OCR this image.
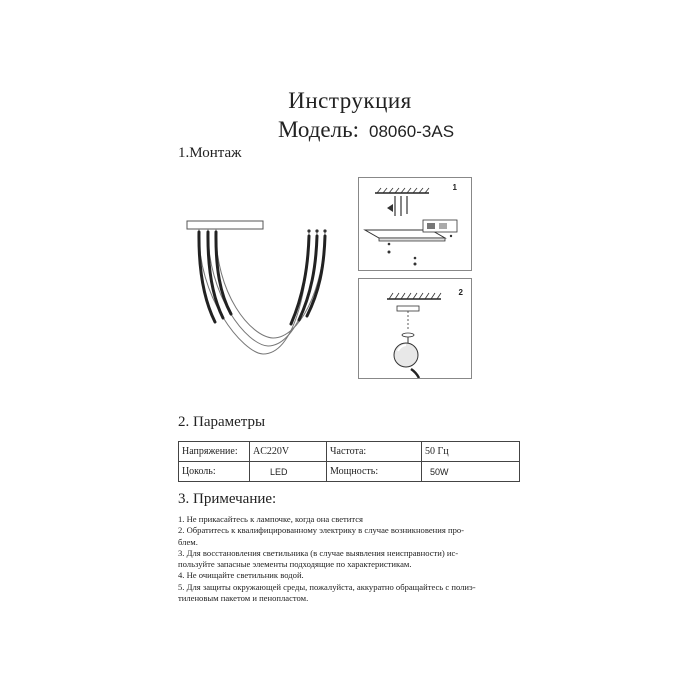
Инструкция
Модель: 08060-3AS
1.Монтаж
1
2
2. Параметры
Напряжение:	AC220V	Частота:	50 Гц
Цоколь:	LED	Мощность:	50W
3. Примечание:
1. Не прикасайтесь к лампочке, когда она светится
2. Обратитесь к квалифицированному электрику в случае возникновения про-
блем.
3. Для восстановления светильника (в случае выявления неисправности) ис-
пользуйте запасные элементы подходящие по характеристикам.
4. Не очищайте светильник водой.
5. Для защиты окружающей среды, пожалуйста, аккуратно обращайтесь с полиэ-
тиленовым пакетом и пенопластом.
